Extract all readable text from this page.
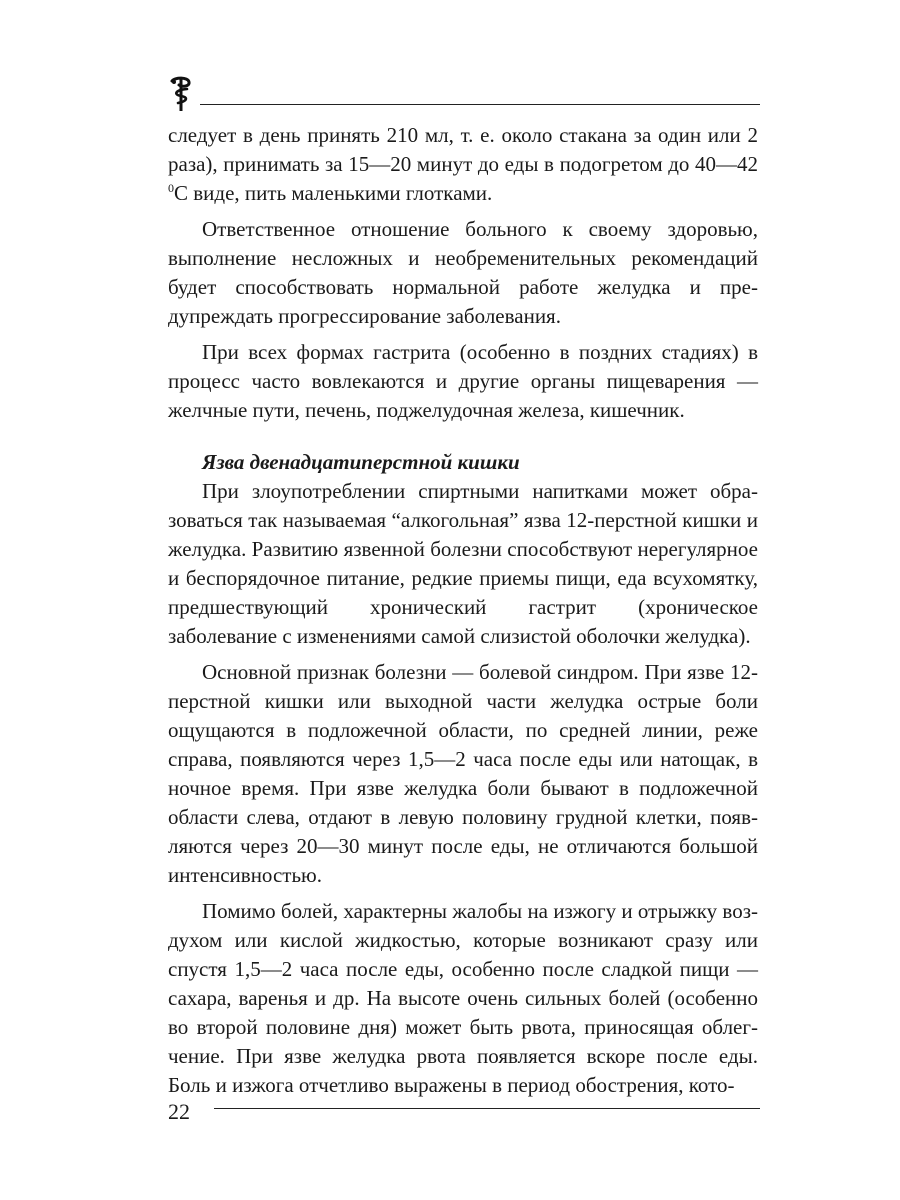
следует в день принять 210 мл, т. е. около стакана за один или 2 раза), принимать за 15—20 минут до еды в подогретом до 40—42 $^0$С виде, пить маленькими глотками.

Ответственное отношение больного к своему здоровью, выполнение несложных и необременительных рекомендаций будет способствовать нормальной работе желудка и предупреждать прогрессирование заболевания.

При всех формах гастрита (особенно в поздних стадиях) в процесс часто вовлекаются и другие органы пищеварения —желчные пути, печень, поджелудочная железа, кишечник.

Язва двенадцатиперстной кишки

При злоупотреблении спиртными напитками может образоваться так называемая “алкогольная” язва 12-перстной кишки и желудка. Развитию язвенной болезни способствуют нерегулярное и беспорядочное питание, редкие приемы пищи, еда всухомятку, предшествующий хронический гастрит (хроническое заболевание с изменениями самой слизистой оболочки желудка).

Основной признак болезни — болевой синдром. При язве 12-перстной кишки или выходной части желудка острые боли ощущаются в подложечной области, по средней линии, реже справа, появляются через 1,5—2 часа после еды или натощак, в ночное время. При язве желудка боли бывают в подложечной области слева, отдают в левую половину грудной клетки, появляются через 20—30 минут после еды, не отличаются большой интенсивностью.

Помимо болей, характерны жалобы на изжогу и отрыжку воздухом или кислой жидкостью, которые возникают сразу или спустя 1,5—2 часа после еды, особенно после сладкой пищи — сахара, варенья и др. На высоте очень сильных болей (особенно во второй половине дня) может быть рвота, приносящая облегчение. При язве желудка рвота появляется вскоре после еды. Боль и изжога отчетливо выражены в период обострения, кото-

22
